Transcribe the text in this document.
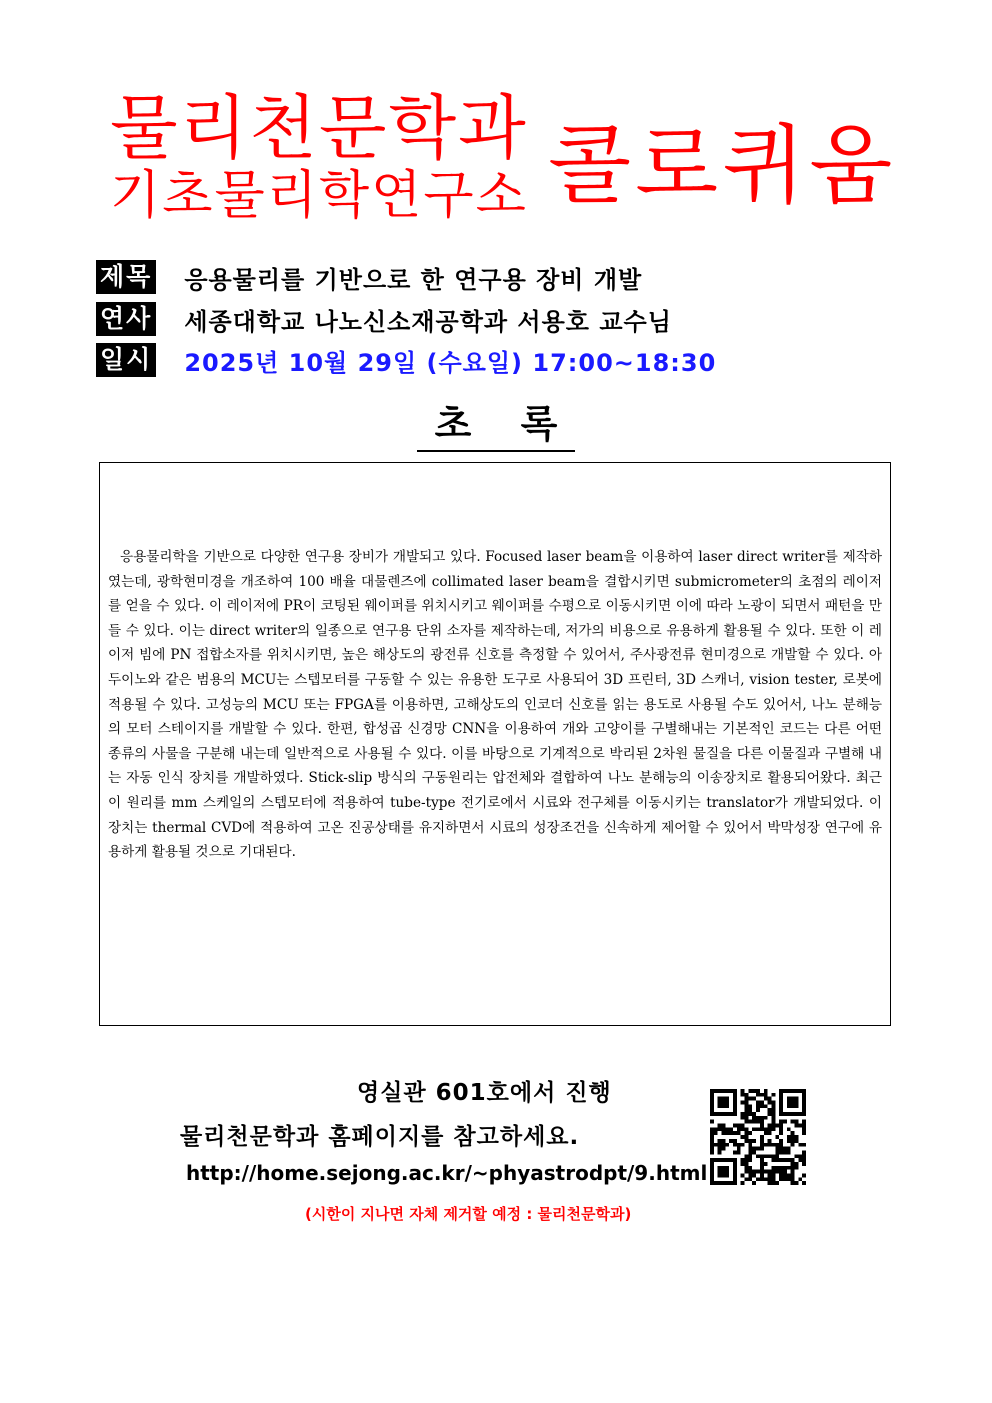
물리천문학과
기초물리학연구소 콜로퀴움
제목 응용물리를 기반으로 한 연구용 장비 개발
연사 세종대학교 나노신소재공학과 서용호 교수님
일시 2025년 10월 29일 (수요일) 17:00~18:30
초 록
응용물리학을 기반으로 다양한 연구용 장비가 개발되고 있다. Focused laser beam을 이용하여 laser direct writer를 제작하였는데, 광학현미경을 개조하여 100 배율 대물렌즈에 collimated laser beam을 결합시키면 submicrometer의 초점의 레이저를 얻을 수 있다. 이 레이저에 PR이 코팅된 웨이퍼를 위치시키고 웨이퍼를 수평으로 이동시키면 이에 따라 노광이 되면서 패턴을 만들 수 있다. 이는 direct writer의 일종으로 연구용 단위 소자를 제작하는데, 저가의 비용으로 유용하게 활용될 수 있다. 또한 이 레이저 빔에 PN 접합소자를 위치시키면, 높은 해상도의 광전류 신호를 측정할 수 있어서, 주사광전류 현미경으로 개발할 수 있다. 아두이노와 같은 범용의 MCU는 스텝모터를 구동할 수 있는 유용한 도구로 사용되어 3D 프린터, 3D 스캐너, vision tester, 로봇에 적용될 수 있다. 고성능의 MCU 또는 FPGA를 이용하면, 고해상도의 인코더 신호를 읽는 용도로 사용될 수도 있어서, 나노 분해능의 모터 스테이지를 개발할 수 있다. 한편, 합성곱 신경망 CNN을 이용하여 개와 고양이를 구별해내는 기본적인 코드는 다른 어떤 종류의 사물을 구분해 내는데 일반적으로 사용될 수 있다. 이를 바탕으로 기계적으로 박리된 2차원 물질을 다른 이물질과 구별해 내는 자동 인식 장치를 개발하였다. Stick-slip 방식의 구동원리는 압전체와 결합하여 나노 분해능의 이송장치로 활용되어왔다. 최근 이 원리를 mm 스케일의 스텝모터에 적용하여 tube-type 전기로에서 시료와 전구체를 이동시키는 translator가 개발되었다. 이 장치는 thermal CVD에 적용하여 고온 진공상태를 유지하면서 시료의 성장조건을 신속하게 제어할 수 있어서 박막성장 연구에 유용하게 활용될 것으로 기대된다.
영실관 601호에서 진행
물리천문학과 홈페이지를 참고하세요.
http://home.sejong.ac.kr/~phyastrodpt/9.html
(시한이 지나면 자체 제거할 예정 : 물리천문학과)
